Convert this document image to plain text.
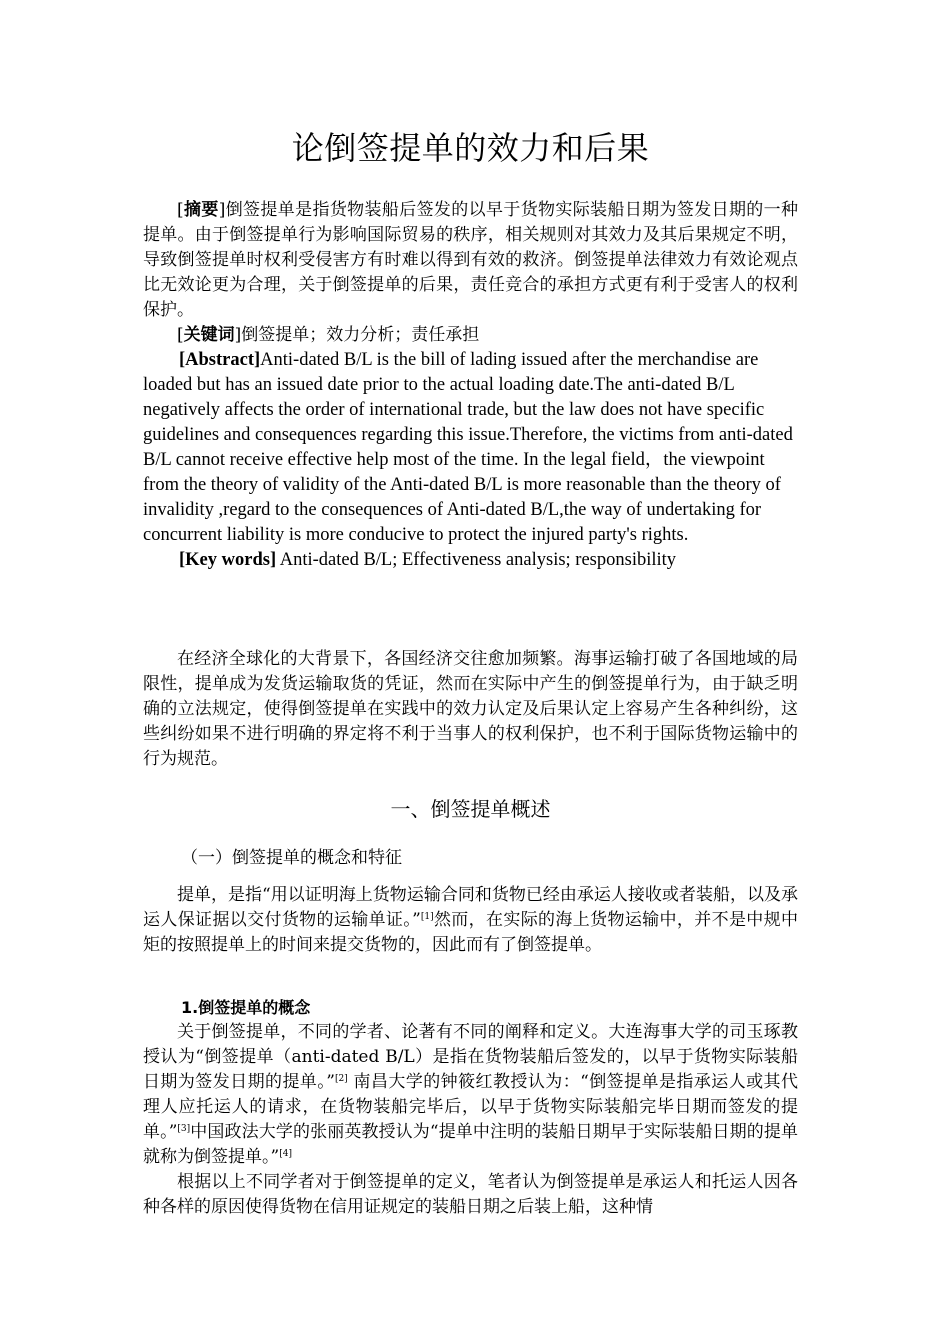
论倒签提单的效力和后果

[摘要]倒签提单是指货物装船后签发的以早于货物实际装船日期为签发日期的一种提单。由于倒签提单行为影响国际贸易的秩序，相关规则对其效力及其后果规定不明，导致倒签提单时权利受侵害方有时难以得到有效的救济。倒签提单法律效力有效论观点比无效论更为合理，关于倒签提单的后果，责任竞合的承担方式更有利于受害人的权利保护。

[关键词]倒签提单；效力分析；责任承担

[Abstract]Anti-dated B/L is the bill of lading issued after the merchandise are loaded but has an issued date prior to the actual loading date.The anti-dated B/L negatively affects the order of international trade, but the law does not have specific guidelines and consequences regarding this issue.Therefore, the victims from anti-dated B/L cannot receive effective help most of the time. In the legal field，the viewpoint from the theory of validity of the Anti-dated B/L is more reasonable than the theory of invalidity ,regard to the consequences of Anti-dated B/L,the way of undertaking for concurrent liability is more conducive to protect the injured party's rights.

[Key words] Anti-dated B/L; Effectiveness analysis; responsibility

在经济全球化的大背景下，各国经济交往愈加频繁。海事运输打破了各国地域的局限性，提单成为发货运输取货的凭证，然而在实际中产生的倒签提单行为，由于缺乏明确的立法规定，使得倒签提单在实践中的效力认定及后果认定上容易产生各种纠纷，这些纠纷如果不进行明确的界定将不利于当事人的权利保护，也不利于国际货物运输中的行为规范。

一、倒签提单概述
（一）倒签提单的概念和特征

提单，是指“用以证明海上货物运输合同和货物已经由承运人接收或者装船，以及承运人保证据以交付货物的运输单证。”[1]然而，在实际的海上货物运输中，并不是中规中矩的按照提单上的时间来提交货物的，因此而有了倒签提单。

1.倒签提单的概念

关于倒签提单，不同的学者、论著有不同的阐释和定义。大连海事大学的司玉琢教授认为“倒签提单（anti-dated B/L）是指在货物装船后签发的，以早于货物实际装船日期为签发日期的提单。”[2] 南昌大学的钟筱红教授认为：“倒签提单是指承运人或其代理人应托运人的请求，在货物装船完毕后，以早于货物实际装船完毕日期而签发的提单。”[3]中国政法大学的张丽英教授认为“提单中注明的装船日期早于实际装船日期的提单就称为倒签提单。”[4]

根据以上不同学者对于倒签提单的定义，笔者认为倒签提单是承运人和托运人因各种各样的原因使得货物在信用证规定的装船日期之后装上船，这种情
